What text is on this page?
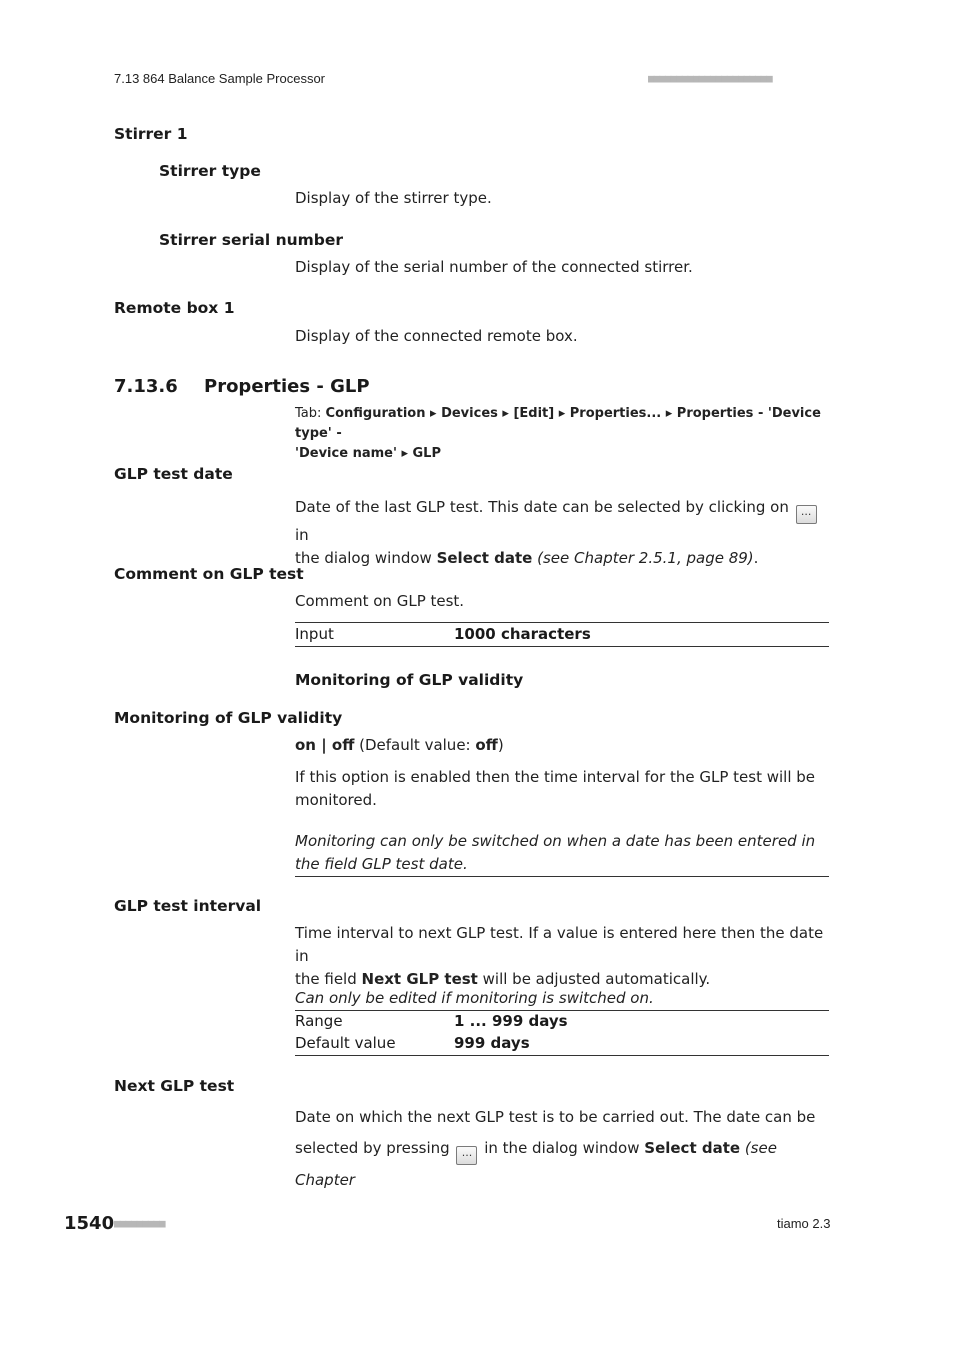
7.13 864 Balance Sample Processor	■■■■■■■■■■■■■■■■■■■■■■
Stirrer 1
Stirrer type
Display of the stirrer type.
Stirrer serial number
Display of the serial number of the connected stirrer.
Remote box 1
Display of the connected remote box.
7.13.6 Properties - GLP
Tab: Configuration ▸ Devices ▸ [Edit] ▸ Properties... ▸ Properties - 'Device type' -
'Device name' ▸ GLP
GLP test date
Date of the last GLP test. This date can be selected by clicking on ... in
the dialog window Select date (see Chapter 2.5.1, page 89).
Comment on GLP test
Comment on GLP test.
Input	1000 characters
Monitoring of GLP validity
Monitoring of GLP validity
on | off (Default value: off)
If this option is enabled then the time interval for the GLP test will be
monitored.
Monitoring can only be switched on when a date has been entered in
the field GLP test date.
GLP test interval
Time interval to next GLP test. If a value is entered here then the date in
the field Next GLP test will be adjusted automatically.
Can only be edited if monitoring is switched on.
Range	1 ... 999 days
Default value	999 days
Next GLP test
Date on which the next GLP test is to be carried out. The date can be
selected by pressing ... in the dialog window Select date (see Chapter
1540 ■■■■■■■■■	tiamo 2.3
